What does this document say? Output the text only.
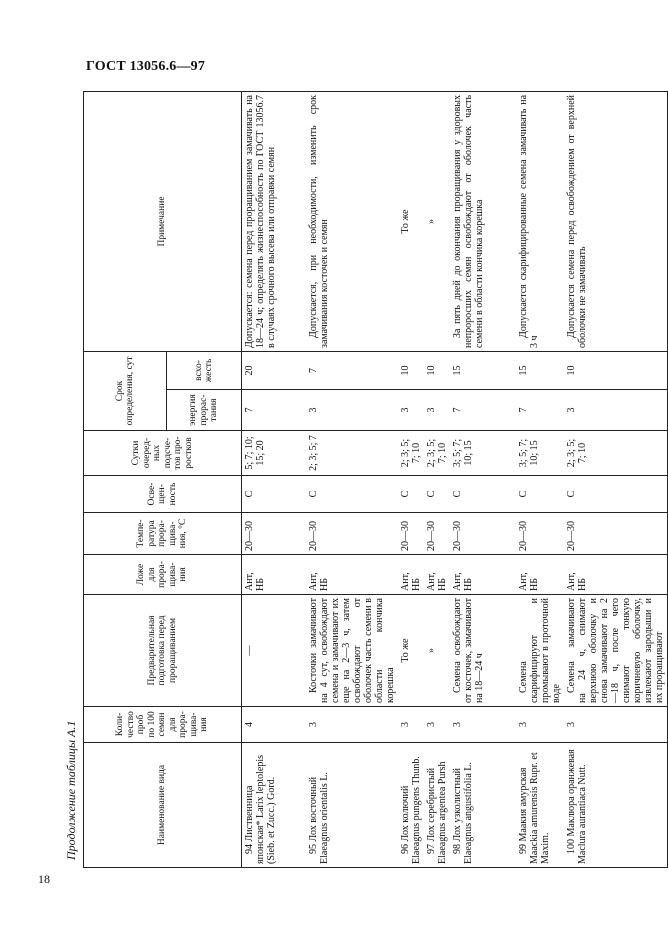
ГОСТ 13056.6—97
Продолжение таблицы А.1
18
Наименование вида	Коли-чество проб по 100 семян для прора-щива-ния	Предварительная подготовка перед проращиванием	Ложе для прора-щива-ния	Темпе-ратура прора-щива-ния, °С	Осве-щен-ность	Сутки очеред-ных подсче-тов про-ростков	Срок определения, сут		Примечание
							энергия прорас-тания	всхо-жесть	

94 Лиственница японская* Larix leptolepis (Sieb. et Zucc.) Gord.	4	—	Ант, НБ	20—30	С	5; 7; 10; 15; 20	7	20	Допускается: семена перед проращиванием замачивать на 18—24 ч; определять жизнеспособность по ГОСТ 13056.7 в случаях срочного высева или отправки семян

95 Лох восточный Elaeagnus orientalis L.	3	Косточки замачивают на 4 сут, освобождают семена и замачивают их еще на 2—3 ч, затем освобождают от оболочек часть семени в области кончика корешка	Ант, НБ	20—30	С	2; 3; 5; 7	3	7	Допускается, при необходимости, изменить срок замачивания косточек и семян

96 Лох колючий Elaeagnus pungens Thunb.	3	То же	Ант, НБ	20—30	С	2; 3; 5; 7; 10	3	10	То же

97 Лох серебристый Elaeagnus argentea Pursh	3	»	Ант, НБ	20—30	С	2; 3; 5; 7; 10	3	10	»

98 Лох узколистный Elaeagnus angustifolia L.	3	Семена освобождают от косточек, замачивают на 18—24 ч	Ант, НБ	20—30	С	3; 5; 7; 10; 15	7	15	За пять дней до окончания проращивания у здоровых непроросших семян освобождают от оболочек часть семени в области кончика корешка

99 Маакия амурская Maackia amurensis Rupr. et Maxim.	3	Семена скарифицируют и промывают в проточной воде	Ант, НБ	20—30	С	3; 5; 7; 10; 15	7	15	Допускается скарифицированные семена замачивать на 3 ч

100 Маклюра оранжевая Maclura aurantiaca Nutt.	3	Семена замачивают на 24 ч, снимают верхнюю оболочку и снова замачивают на 2—18 ч, после чего снимают тонкую коричневую оболочку, извлекают зародыши и их проращивают	Ант, НБ	20—30	С	2; 3; 5; 7; 10	3	10	Допускается семена перед освобождением от верхней оболочки не замачивать
